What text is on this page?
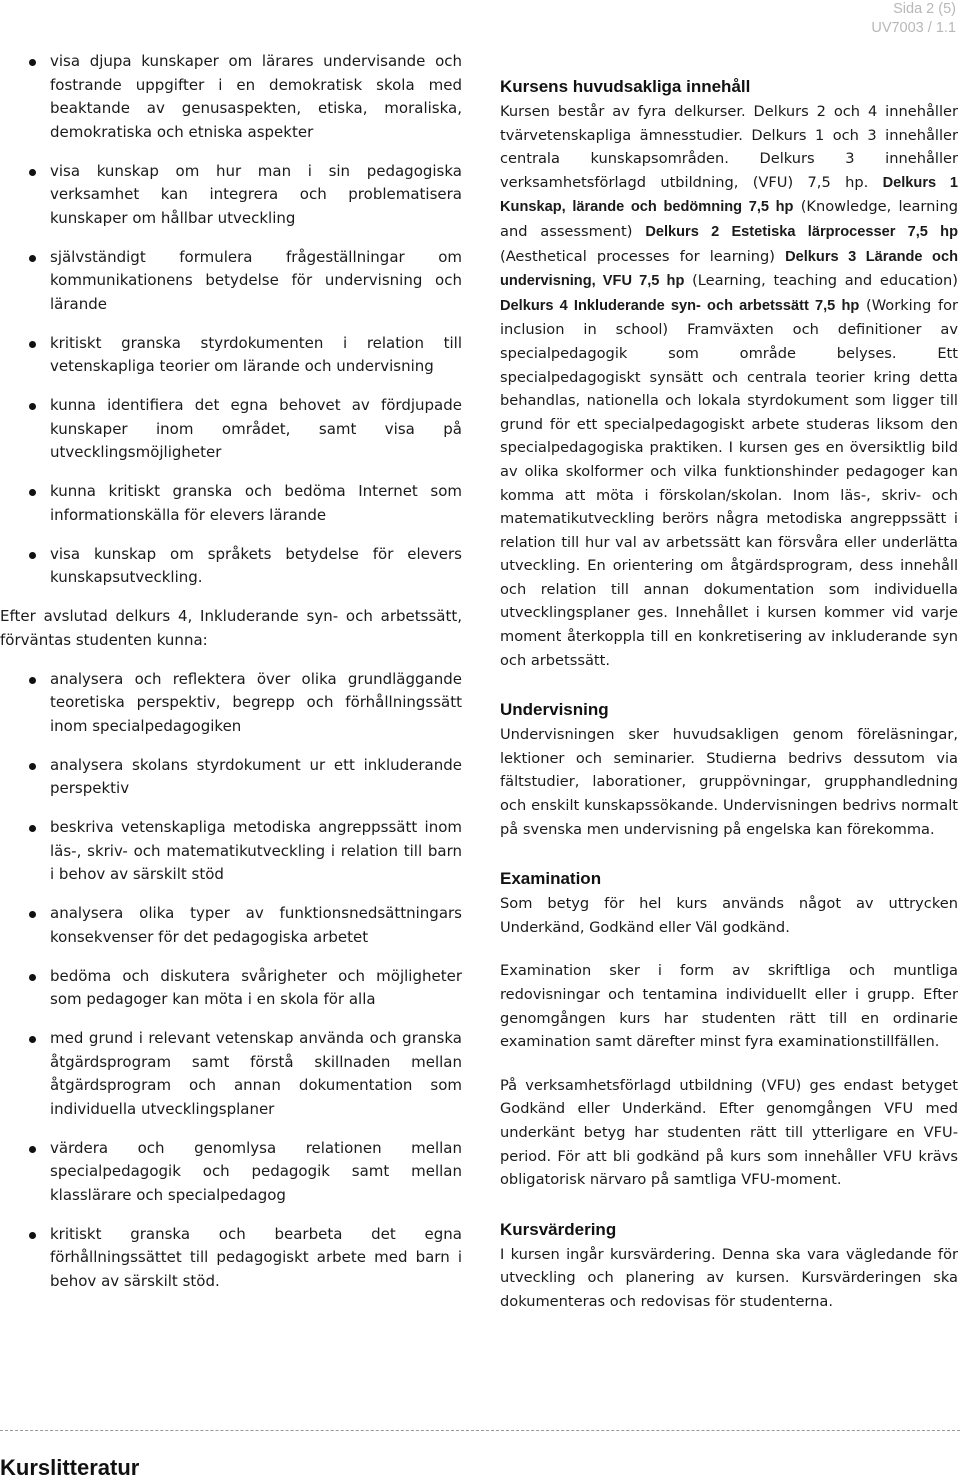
Sida 2 (5)
UV7003 / 1.1
visa djupa kunskaper om lärares undervisande och fostrande uppgifter i en demokratisk skola med beaktande av genusaspekten, etiska, moraliska, demokratiska och etniska aspekter
visa kunskap om hur man i sin pedagogiska verksamhet kan integrera och problematisera kunskaper om hållbar utveckling
självständigt formulera frågeställningar om kommunikationens betydelse för undervisning och lärande
kritiskt granska styrdokumenten i relation till vetenskapliga teorier om lärande och undervisning
kunna identifiera det egna behovet av fördjupade kunskaper inom området, samt visa på utvecklingsmöjligheter
kunna kritiskt granska och bedöma Internet som informationskälla för elevers lärande
visa kunskap om språkets betydelse för elevers kunskapsutveckling.

Efter avslutad delkurs 4, Inkluderande syn- och arbetssätt, förväntas studenten kunna:

analysera och reflektera över olika grundläggande teoretiska perspektiv, begrepp och förhållningssätt inom specialpedagogiken
analysera skolans styrdokument ur ett inkluderande perspektiv
beskriva vetenskapliga metodiska angreppssätt inom läs-, skriv- och matematikutveckling i relation till barn i behov av särskilt stöd
analysera olika typer av funktionsnedsättningars konsekvenser för det pedagogiska arbetet
bedöma och diskutera svårigheter och möjligheter som pedagoger kan möta i en skola för alla
med grund i relevant vetenskap använda och granska åtgärdsprogram samt förstå skillnaden mellan åtgärdsprogram och annan dokumentation som individuella utvecklingsplaner
värdera och genomlysa relationen mellan specialpedagogik och pedagogik samt mellan klasslärare och specialpedagog
kritiskt granska och bearbeta det egna förhållningssättet till pedagogiskt arbete med barn i behov av särskilt stöd.
Kursens huvudsakliga innehåll

Kursen består av fyra delkurser. Delkurs 2 och 4 innehåller tvärvetenskapliga ämnesstudier. Delkurs 1 och 3 innehåller centrala kunskapsområden. Delkurs 3 innehåller verksamhetsförlagd utbildning, (VFU) 7,5 hp. Delkurs 1 Kunskap, lärande och bedömning 7,5 hp (Knowledge, learning and assessment) Delkurs 2 Estetiska lärprocesser 7,5 hp (Aesthetical processes for learning) Delkurs 3 Lärande och undervisning, VFU 7,5 hp (Learning, teaching and education) Delkurs 4 Inkluderande syn- och arbetssätt 7,5 hp (Working for inclusion in school) Framväxten och definitioner av specialpedagogik som område belyses. Ett specialpedagogiskt synsätt och centrala teorier kring detta behandlas, nationella och lokala styrdokument som ligger till grund för ett specialpedagogiskt arbete studeras liksom den specialpedagogiska praktiken. I kursen ges en översiktlig bild av olika skolformer och vilka funktionshinder pedagoger kan komma att möta i förskolan/skolan. Inom läs-, skriv- och matematikutveckling berörs några metodiska angreppssätt i relation till hur val av arbetssätt kan försvåra eller underlätta utveckling. En orientering om åtgärdsprogram, dess innehåll och relation till annan dokumentation som individuella utvecklingsplaner ges. Innehållet i kursen kommer vid varje moment återkoppla till en konkretisering av inkluderande syn och arbetssätt.

Undervisning

Undervisningen sker huvudsakligen genom föreläsningar, lektioner och seminarier. Studierna bedrivs dessutom via fältstudier, laborationer, gruppövningar, grupphandledning och enskilt kunskapssökande. Undervisningen bedrivs normalt på svenska men undervisning på engelska kan förekomma.

Examination

Som betyg för hel kurs används något av uttrycken Underkänd, Godkänd eller Väl godkänd.

Examination sker i form av skriftliga och muntliga redovisningar och tentamina individuellt eller i grupp. Efter genomgången kurs har studenten rätt till en ordinarie examination samt därefter minst fyra examinationstillfällen.

På verksamhetsförlagd utbildning (VFU) ges endast betyget Godkänd eller Underkänd. Efter genomgången VFU med underkänt betyg har studenten rätt till ytterligare en VFU-period. För att bli godkänd på kurs som innehåller VFU krävs obligatorisk närvaro på samtliga VFU-moment.

Kursvärdering

I kursen ingår kursvärdering. Denna ska vara vägledande för utveckling och planering av kursen. Kursvärderingen ska dokumenteras och redovisas för studenterna.

Kurslitteratur
